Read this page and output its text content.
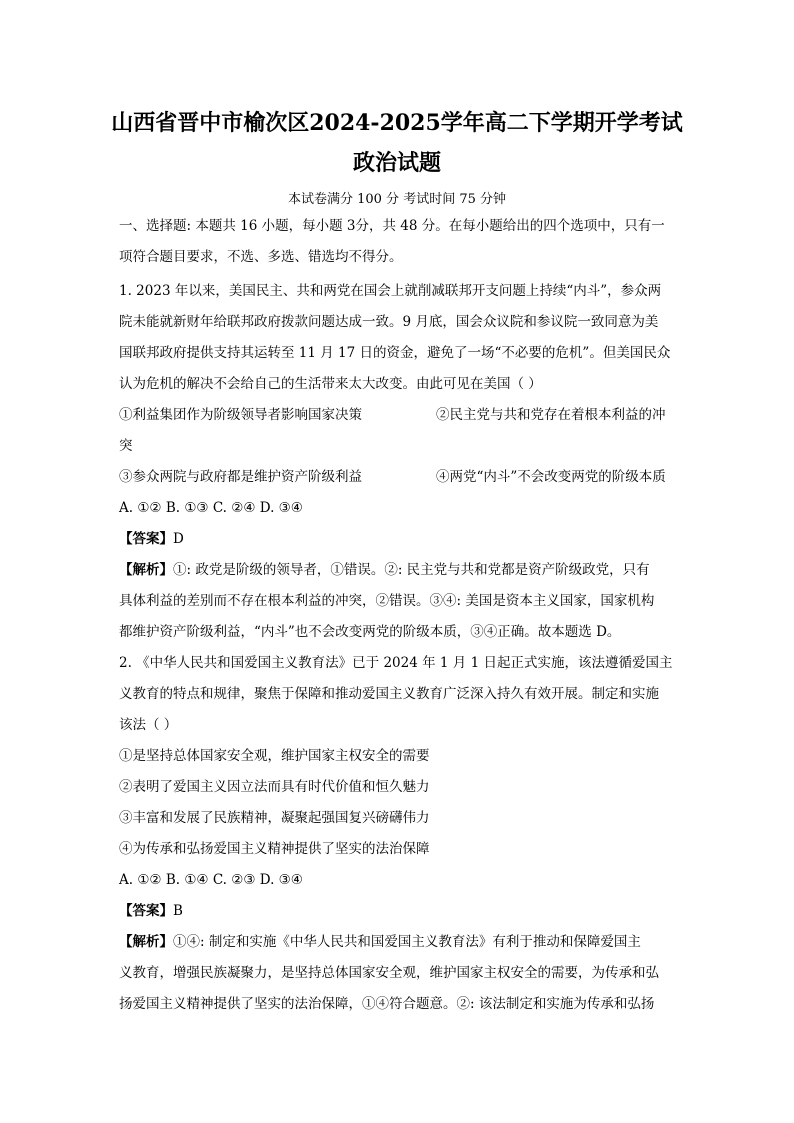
山西省晋中市榆次区2024-2025学年高二下学期开学考试
政治试题
本试卷满分 100 分 考试时间 75 分钟
一、选择题: 本题共 16 小题，每小题 3分，共 48 分。在每小题给出的四个选项中，只有一
项符合题目要求，不选、多选、错选均不得分。
1. 2023 年以来，美国民主、共和两党在国会上就削减联邦开支问题上持续“内斗”，参众两
院未能就新财年给联邦政府拨款问题达成一致。9 月底，国会众议院和参议院一致同意为美
国联邦政府提供支持其运转至 11 月 17 日的资金，避免了一场“不必要的危机”。但美国民众
认为危机的解决不会给自己的生活带来太大改变。由此可见在美国（ ）
①利益集团作为阶级领导者影响国家决策	②民主党与共和党存在着根本利益的冲
突
③参众两院与政府都是维护资产阶级利益	④两党“内斗”不会改变两党的阶级本质
A. ①② B. ①③ C. ②④ D. ③④
【答案】D
【解析】①: 政党是阶级的领导者，①错误。②: 民主党与共和党都是资产阶级政党，只有
具体利益的差别而不存在根本利益的冲突，②错误。③④: 美国是资本主义国家，国家机构
都维护资产阶级利益，“内斗”也不会改变两党的阶级本质，③④正确。故本题选 D。
2. 《中华人民共和国爱国主义教育法》已于 2024 年 1 月 1 日起正式实施，该法遵循爱国主
义教育的特点和规律，聚焦于保障和推动爱国主义教育广泛深入持久有效开展。制定和实施
该法（ ）
①是坚持总体国家安全观，维护国家主权安全的需要
②表明了爱国主义因立法而具有时代价值和恒久魅力
③丰富和发展了民族精神，凝聚起强国复兴磅礴伟力
④为传承和弘扬爱国主义精神提供了坚实的法治保障
A. ①② B. ①④ C. ②③ D. ③④
【答案】B
【解析】①④: 制定和实施《中华人民共和国爱国主义教育法》有利于推动和保障爱国主
义教育，增强民族凝聚力，是坚持总体国家安全观，维护国家主权安全的需要，为传承和弘
扬爱国主义精神提供了坚实的法治保障，①④符合题意。②: 该法制定和实施为传承和弘扬
